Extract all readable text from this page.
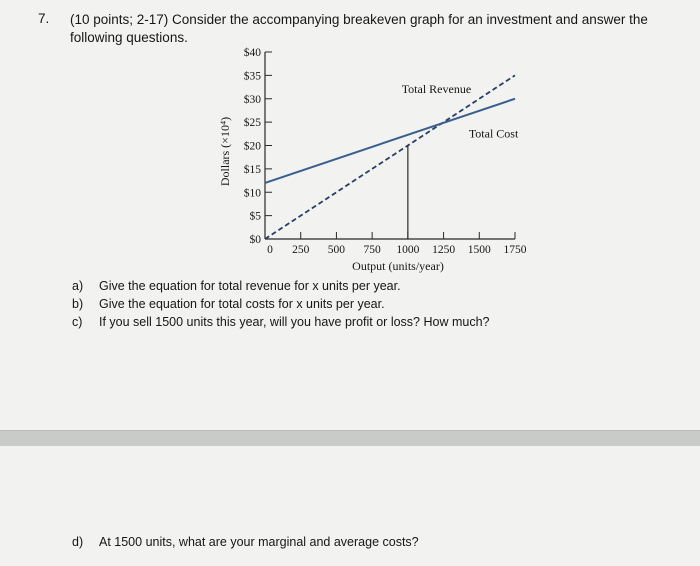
7. (10 points; 2-17) Consider the accompanying breakeven graph for an investment and answer the following questions.
$0
$5
$10
$15
$20
$25
$30
$35
$40
0 250 500 750 1000 1250 1500 1750
Total Revenue
Total Cost
Dollars (×10⁴)
Output (units/year)
a) Give the equation for total revenue for x units per year.
b) Give the equation for total costs for x units per year.
c) If you sell 1500 units this year, will you have profit or loss? How much?
d) At 1500 units, what are your marginal and average costs?
